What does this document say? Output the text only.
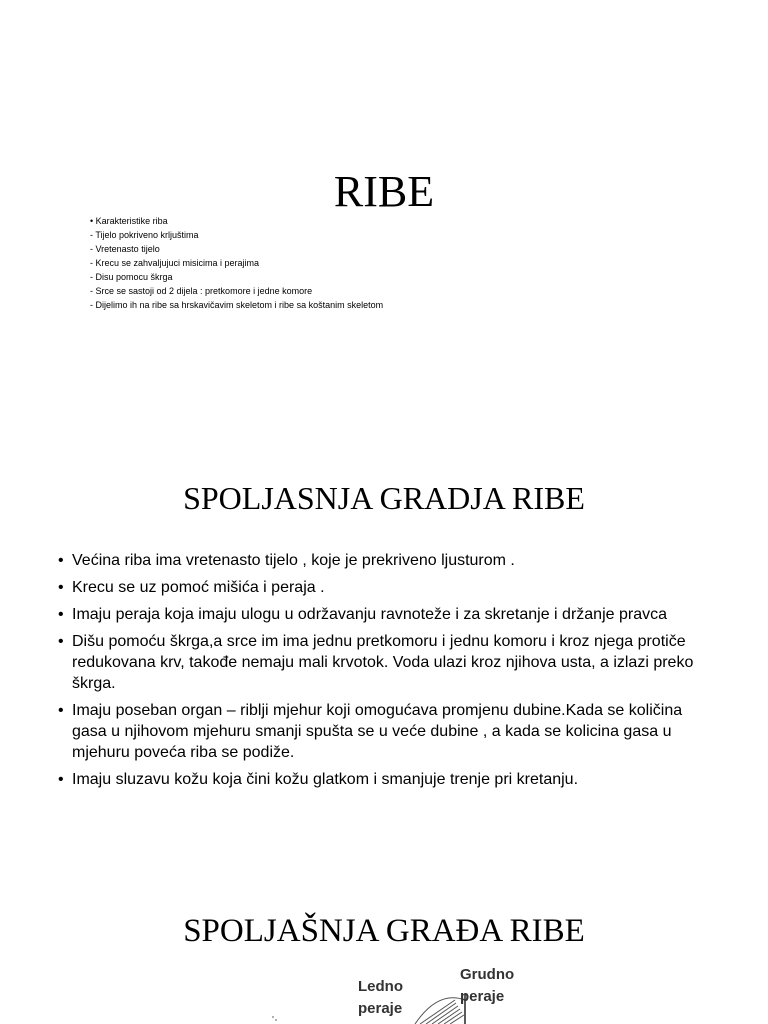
RIBE
• Karakteristike riba
- Tijelo pokriveno krljuštima
- Vretenasto tijelo
- Krecu se zahvaljujuci misicima i perajima
- Disu pomocu škrga
- Srce se sastoji od 2 dijela : pretkomore i jedne komore
- Dijelimo ih na ribe sa hrskavičavim skeletom i ribe sa koštanim skeletom
SPOLJASNJA GRADJA RIBE
• Većina riba ima vretenasto tijelo , koje je prekriveno ljusturom .
• Krecu se uz pomoć mišića i peraja .
• Imaju peraja koja imaju ulogu u održavanju ravnoteže i za skretanje i držanje pravca
• Dišu pomoću škrga,a srce im ima jednu pretkomoru i jednu komoru i kroz njega protiče redukovana krv, takođe nemaju mali krvotok. Voda ulazi kroz njihova usta, a izlazi preko škrga.
• Imaju poseban organ – riblji mjehur koji omogućava promjenu dubine.Kada se količina gasa u njihovom mjehuru smanji spušta se u veće dubine , a kada se kolicina gasa u mjehuru poveća riba se podiže.
• Imaju sluzavu kožu koja čini kožu glatkom i smanjuje trenje pri kretanju.
SPOLJAŠNJA GRAĐA RIBE
Ledno
peraje
Grudno
peraje
